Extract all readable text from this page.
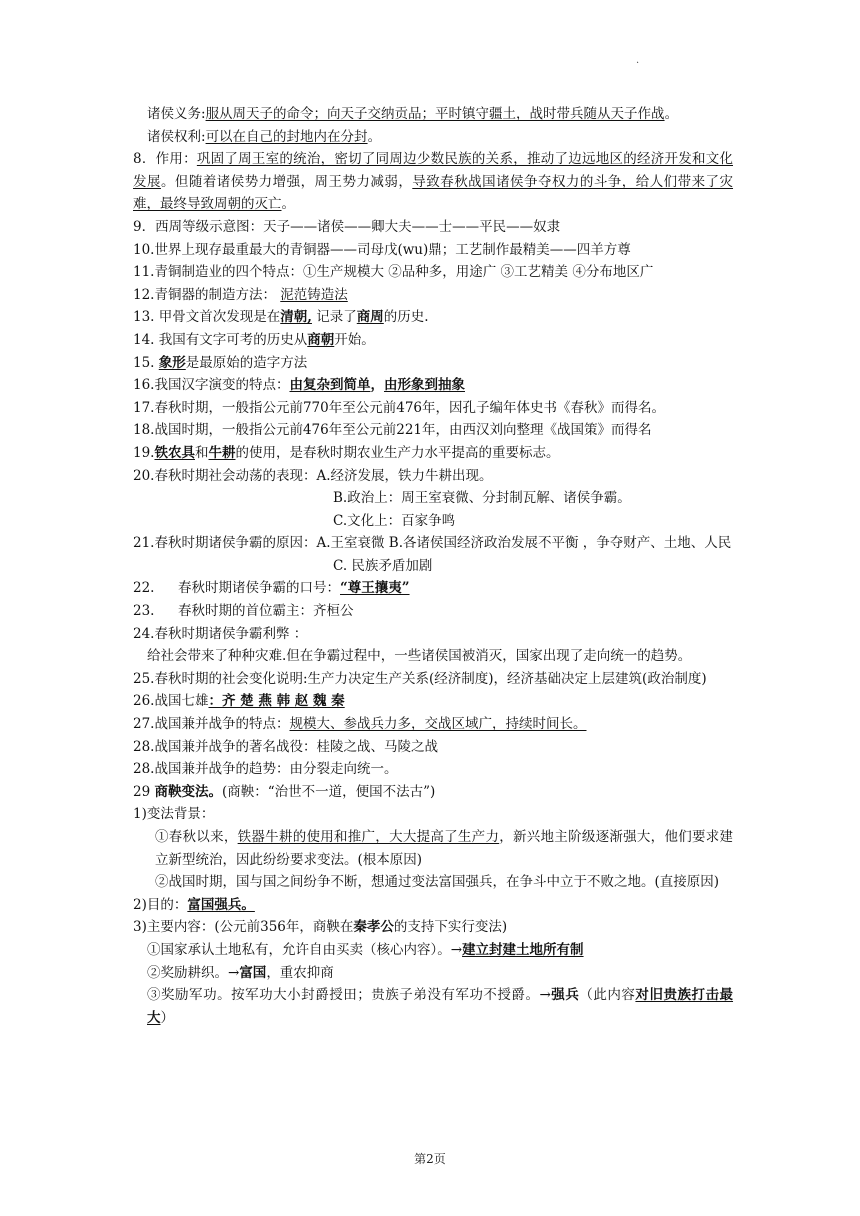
·
诸侯义务:服从周天子的命令；向天子交纳贡品；平时镇守疆土，战时带兵随从天子作战。
诸侯权利:可以在自己的封地内在分封。
8．作用：巩固了周王室的统治，密切了同周边少数民族的关系，推动了边远地区的经济开发和文化发展。但随着诸侯势力增强，周王势力减弱，导致春秋战国诸侯争夺权力的斗争，给人们带来了灾难，最终导致周朝的灭亡。
9．西周等级示意图：天子——诸侯——卿大夫——士——平民——奴隶
10.世界上现存最重最大的青铜器——司母戊(wu)鼎；工艺制作最精美——四羊方尊
11.青铜制造业的四个特点：①生产规模大 ②品种多，用途广 ③工艺精美 ④分布地区广
12.青铜器的制造方法： 泥范铸造法
13. 甲骨文首次发现是在清朝, 记录了商周的历史.
14. 我国有文字可考的历史从商朝开始。
15. 象形是最原始的造字方法
16.我国汉字演变的特点：由复杂到简单，由形象到抽象
17.春秋时期，一般指公元前770年至公元前476年，因孔子编年体史书《春秋》而得名。
18.战国时期，一般指公元前476年至公元前221年，由西汉刘向整理《战国策》而得名
19.铁农具和牛耕的使用，是春秋时期农业生产力水平提高的重要标志。
20.春秋时期社会动荡的表现：A.经济发展，铁力牛耕出现。
B.政治上：周王室衰微、分封制瓦解、诸侯争霸。
C.文化上：百家争鸣
21.春秋时期诸侯争霸的原因：A.王室衰微 B.各诸侯国经济政治发展不平衡 ，争夺财产、土地、人民
C. 民族矛盾加剧
22. 春秋时期诸侯争霸的口号：“尊王攘夷”
23. 春秋时期的首位霸主：齐桓公
24.春秋时期诸侯争霸利弊 ：
给社会带来了种种灾难.但在争霸过程中，一些诸侯国被消灭，国家出现了走向统一的趋势。
25.春秋时期的社会变化说明:生产力决定生产关系(经济制度)，经济基础决定上层建筑(政治制度)
26.战国七雄：齐 楚 燕 韩 赵 魏 秦
27.战国兼并战争的特点：规模大、参战兵力多，交战区域广，持续时间长。
28.战国兼并战争的著名战役：桂陵之战、马陵之战
28.战国兼并战争的趋势：由分裂走向统一。
29 商鞅变法。(商鞅：“治世不一道，便国不法古”)
1)变法背景：
①春秋以来，铁器牛耕的使用和推广，大大提高了生产力，新兴地主阶级逐渐强大，他们要求建立新型统治，因此纷纷要求变法。(根本原因)
②战国时期，国与国之间纷争不断，想通过变法富国强兵，在争斗中立于不败之地。(直接原因)
2)目的：富国强兵。
3)主要内容：(公元前356年，商鞅在秦孝公的支持下实行变法)
①国家承认土地私有，允许自由买卖（核心内容）。→建立封建土地所有制
②奖励耕织。→富国，重农抑商
③奖励军功。按军功大小封爵授田；贵族子弟没有军功不授爵。→强兵（此内容对旧贵族打击最大）
第2页
